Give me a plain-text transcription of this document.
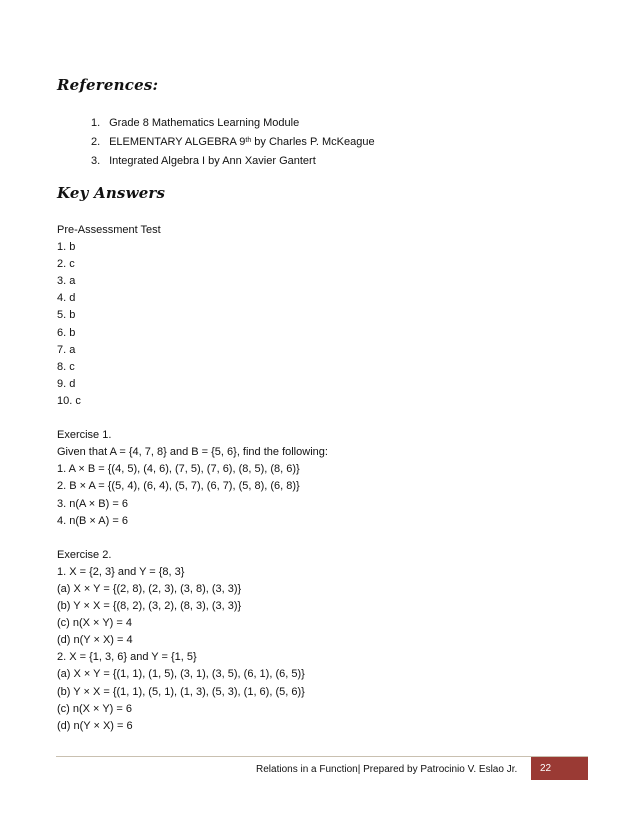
References:
1. Grade 8 Mathematics Learning Module
2. ELEMENTARY ALGEBRA 9th by Charles P. McKeague
3. Integrated Algebra I by Ann Xavier Gantert
Key Answers
Pre-Assessment Test
1. b
2. c
3. a
4. d
5. b
6. b
7. a
8. c
9. d
10. c
Exercise 1.
Given that A = {4, 7, 8} and B = {5, 6}, find the following:
1. A × B = {(4, 5), (4, 6), (7, 5), (7, 6), (8, 5), (8, 6)}
2. B × A = {(5, 4), (6, 4), (5, 7), (6, 7), (5, 8), (6, 8)}
3. n(A × B) = 6
4. n(B × A) = 6
Exercise 2.
1. X = {2, 3} and Y = {8, 3}
(a) X × Y = {(2, 8), (2, 3), (3, 8), (3, 3)}
(b) Y × X = {(8, 2), (3, 2), (8, 3), (3, 3)}
(c) n(X × Y) = 4
(d) n(Y × X) = 4
2. X = {1, 3, 6} and Y = {1, 5}
(a) X × Y = {(1, 1), (1, 5), (3, 1), (3, 5), (6, 1), (6, 5)}
(b) Y × X = {(1, 1), (5, 1), (1, 3), (5, 3), (1, 6), (5, 6)}
(c) n(X × Y) = 6
(d) n(Y × X) = 6
Relations in a Function| Prepared by Patrocinio V. Eslao Jr. 22
